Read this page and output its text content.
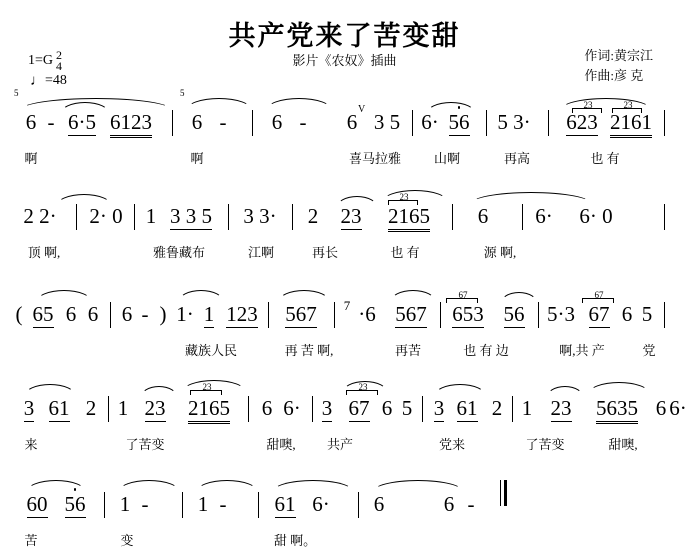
共产党来了苦变甜
影片《农奴》插曲	作词:黄宗江
作曲:彦 克
1=G 2
4
♩=48
5
6 - 6·5 6123
5
6 - 6 - 6
V
3 5 6· 56 5 3·
23
623
23
2161
啊	啊	喜马拉雅	山啊	再高	也 有
2 2· 2· 0 1 3 3 5 3 3· 2	23
23
2165 6 6· 6· 0
顶 啊,	雅鲁藏布	江啊	再长	也 有	源 啊,
( 65 6 6 6 - ) 1· 1 123	567	7 ·6 567
67
653 56 5·3
67
67 6 5
藏族人民	再 苦 啊,	再苦	也 有 边	啊,共 产	党
3 61 2 1 23
23
2165 6 6· 3
23
67 6 5 3 61 2 1 23	5635 6 6·
来	了苦变	甜噢,	共产	党来	了苦变	甜噢,
60 56	1 - 1 -	61 6· 6	6 -
苦	变	甜 啊。
